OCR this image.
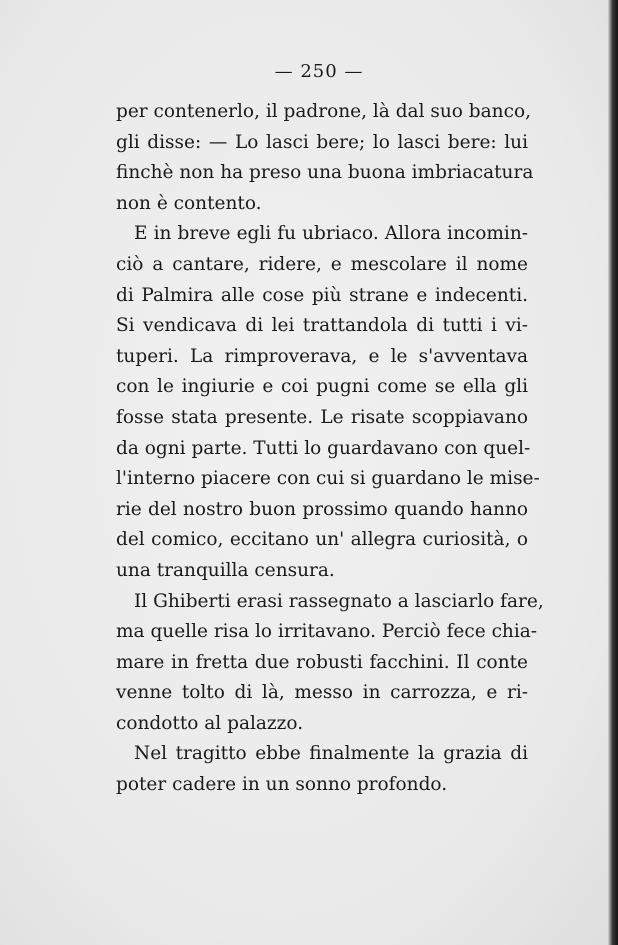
— 250 —
per contenerlo, il padrone, là dal suo banco,
gli disse: — Lo lasci bere; lo lasci bere: lui
finchè non ha preso una buona imbriacatura
non è contento.
E in breve egli fu ubriaco. Allora incomin-
ciò a cantare, ridere, e mescolare il nome
di Palmira alle cose più strane e indecenti.
Si vendicava di lei trattandola di tutti i vi-
tuperi. La rimproverava, e le s'avventava
con le ingiurie e coi pugni come se ella gli
fosse stata presente. Le risate scoppiavano
da ogni parte. Tutti lo guardavano con quel-
l'interno piacere con cui si guardano le mise-
rie del nostro buon prossimo quando hanno
del comico, eccitano un' allegra curiosità, o
una tranquilla censura.
Il Ghiberti erasi rassegnato a lasciarlo fare,
ma quelle risa lo irritavano. Perciò fece chia-
mare in fretta due robusti facchini. Il conte
venne tolto di là, messo in carrozza, e ri-
condotto al palazzo.
Nel tragitto ebbe finalmente la grazia di
poter cadere in un sonno profondo.
